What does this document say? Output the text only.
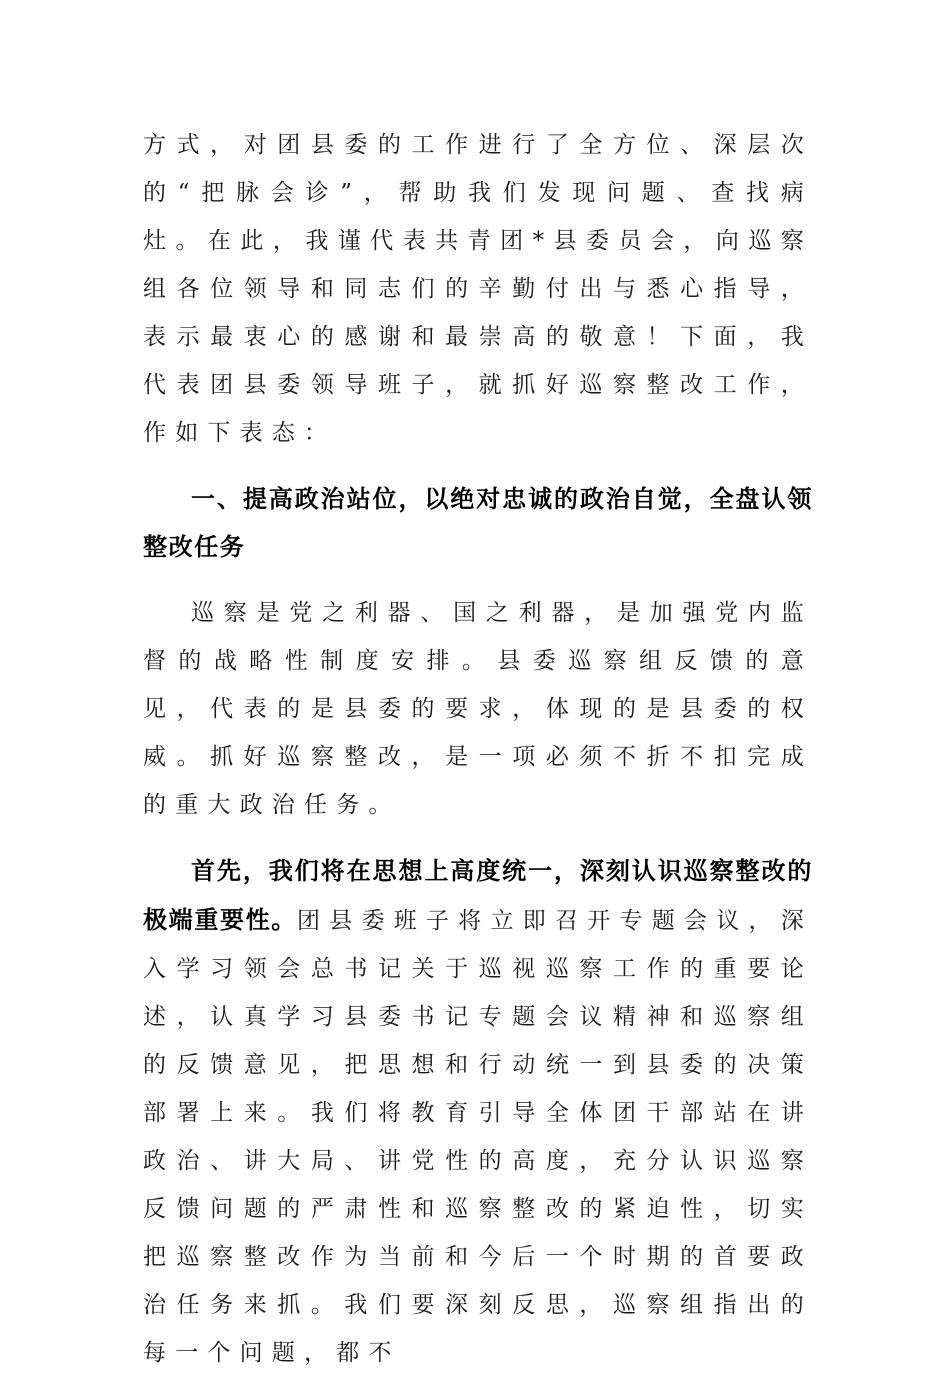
方式，对团县委的工作进行了全方位、深层次的“把脉会诊”，帮助我们发现问题、查找病灶。在此，我谨代表共青团*县委员会，向巡察组各位领导和同志们的辛勤付出与悉心指导，表示最衷心的感谢和最崇高的敬意！下面，我代表团县委领导班子，就抓好巡察整改工作，作如下表态：

一、提高政治站位，以绝对忠诚的政治自觉，全盘认领整改任务

巡察是党之利器、国之利器，是加强党内监督的战略性制度安排。县委巡察组反馈的意见，代表的是县委的要求，体现的是县委的权威。抓好巡察整改，是一项必须不折不扣完成的重大政治任务。

首先，我们将在思想上高度统一，深刻认识巡察整改的极端重要性。团县委班子将立即召开专题会议，深入学习领会总书记关于巡视巡察工作的重要论述，认真学习县委书记专题会议精神和巡察组的反馈意见，把思想和行动统一到县委的决策部署上来。我们将教育引导全体团干部站在讲政治、讲大局、讲党性的高度，充分认识巡察反馈问题的严肃性和巡察整改的紧迫性，切实把巡察整改作为当前和今后一个时期的首要政治任务来抓。我们要深刻反思，巡察组指出的每一个问题，都不
